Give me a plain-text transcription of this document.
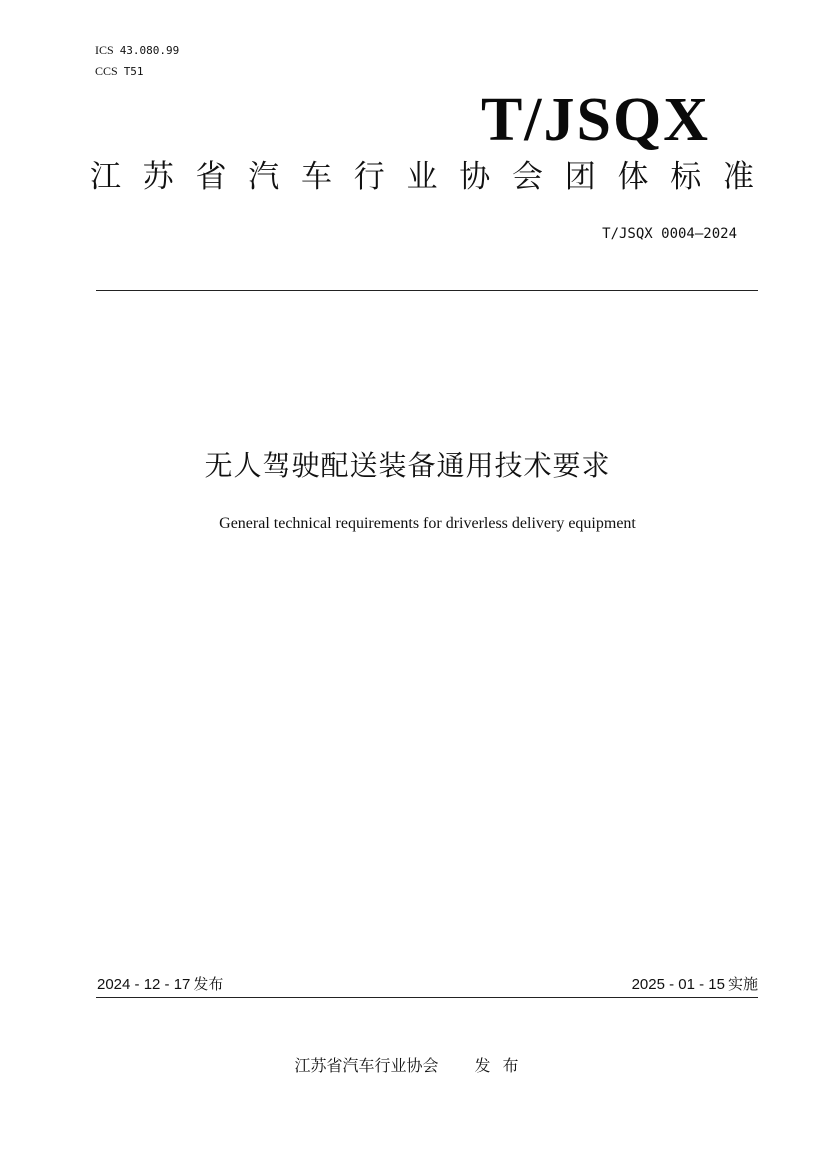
ICS 43.080.99
CCS T51
T/JSQX
江 苏 省 汽 车 行 业 协 会 团 体 标 准
T/JSQX 0004—2024
无人驾驶配送装备通用技术要求
General technical requirements for driverless delivery equipment
2024 - 12 - 17 发布	2025 - 01 - 15 实施
江苏省汽车行业协会 发布
